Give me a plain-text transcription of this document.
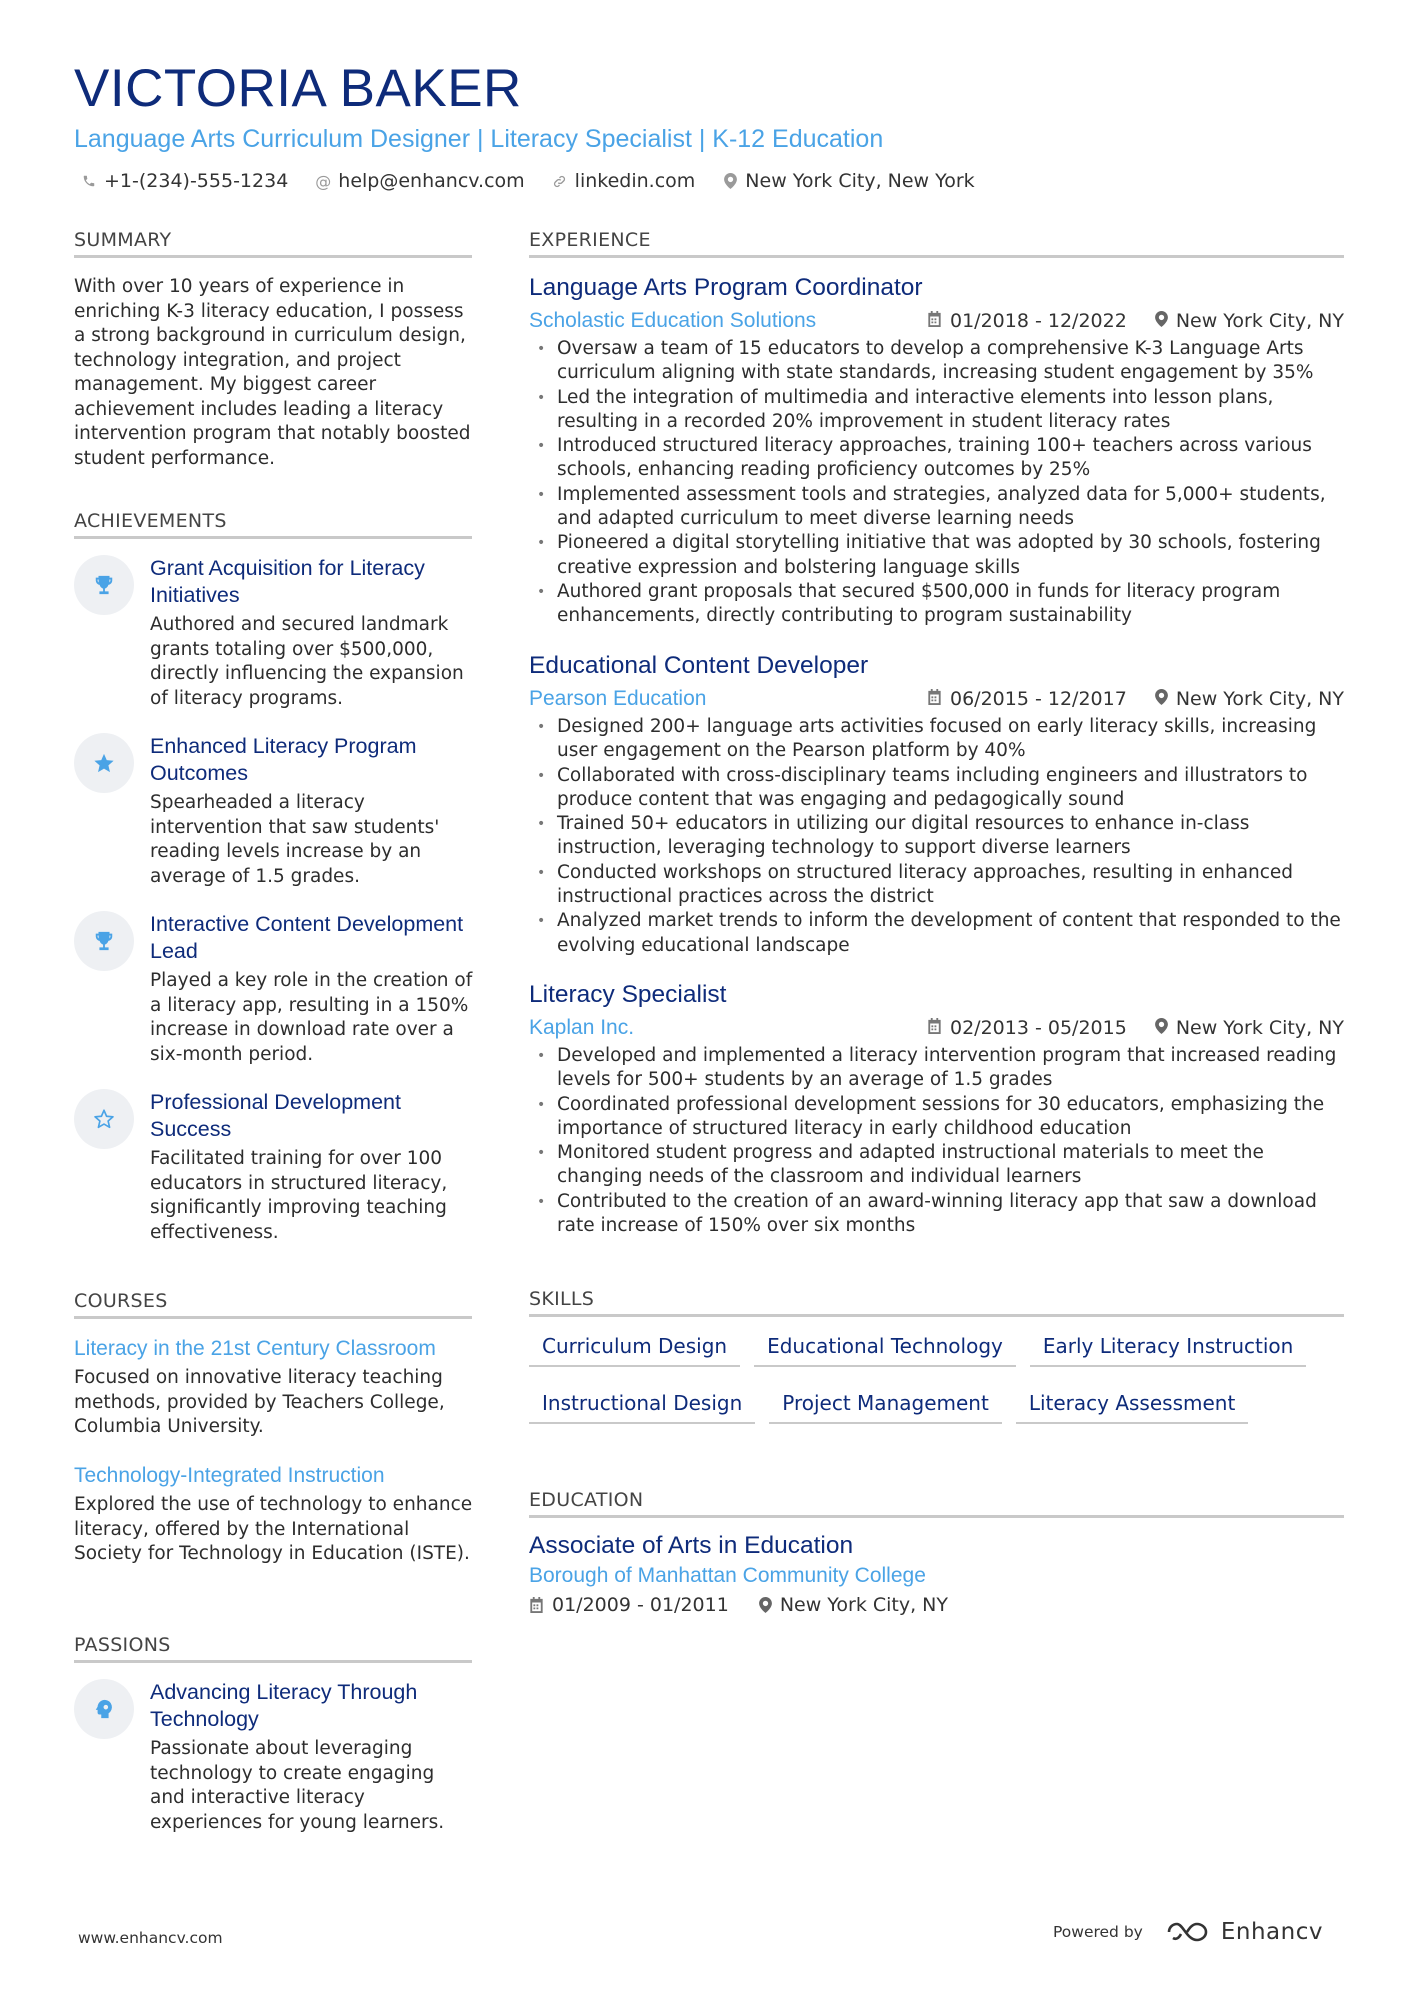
VICTORIA BAKER
Language Arts Curriculum Designer | Literacy Specialist | K-12 Education
+1-(234)-555-1234 @ help@enhancv.com	linkedin.com	New York City, New York
SUMMARY
With over 10 years of experience in enriching K-3 literacy education, I possess a strong background in curriculum design, technology integration, and project management. My biggest career achievement includes leading a literacy intervention program that notably boosted student performance.
ACHIEVEMENTS
Grant Acquisition for Literacy Initiatives
Authored and secured landmark grants totaling over $500,000, directly influencing the expansion of literacy programs.
Enhanced Literacy Program Outcomes
Spearheaded a literacy intervention that saw students' reading levels increase by an average of 1.5 grades.
Interactive Content Development Lead
Played a key role in the creation of a literacy app, resulting in a 150% increase in download rate over a six-month period.
Professional Development Success
Facilitated training for over 100 educators in structured literacy, significantly improving teaching effectiveness.
COURSES
Literacy in the 21st Century Classroom
Focused on innovative literacy teaching methods, provided by Teachers College, Columbia University.
Technology-Integrated Instruction
Explored the use of technology to enhance literacy, offered by the International Society for Technology in Education (ISTE).
PASSIONS
Advancing Literacy Through Technology
Passionate about leveraging technology to create engaging and interactive literacy experiences for young learners.
EXPERIENCE
Language Arts Program Coordinator
Scholastic Education Solutions	01/2018 - 12/2022	New York City, NY
• Oversaw a team of 15 educators to develop a comprehensive K-3 Language Arts curriculum aligning with state standards, increasing student engagement by 35%
• Led the integration of multimedia and interactive elements into lesson plans, resulting in a recorded 20% improvement in student literacy rates
• Introduced structured literacy approaches, training 100+ teachers across various schools, enhancing reading proficiency outcomes by 25%
• Implemented assessment tools and strategies, analyzed data for 5,000+ students, and adapted curriculum to meet diverse learning needs
• Pioneered a digital storytelling initiative that was adopted by 30 schools, fostering creative expression and bolstering language skills
• Authored grant proposals that secured $500,000 in funds for literacy program enhancements, directly contributing to program sustainability
Educational Content Developer
Pearson Education	06/2015 - 12/2017	New York City, NY
• Designed 200+ language arts activities focused on early literacy skills, increasing user engagement on the Pearson platform by 40%
• Collaborated with cross-disciplinary teams including engineers and illustrators to produce content that was engaging and pedagogically sound
• Trained 50+ educators in utilizing our digital resources to enhance in-class instruction, leveraging technology to support diverse learners
• Conducted workshops on structured literacy approaches, resulting in enhanced instructional practices across the district
• Analyzed market trends to inform the development of content that responded to the evolving educational landscape
Literacy Specialist
Kaplan Inc.	02/2013 - 05/2015	New York City, NY
• Developed and implemented a literacy intervention program that increased reading levels for 500+ students by an average of 1.5 grades
• Coordinated professional development sessions for 30 educators, emphasizing the importance of structured literacy in early childhood education
• Monitored student progress and adapted instructional materials to meet the changing needs of the classroom and individual learners
• Contributed to the creation of an award-winning literacy app that saw a download rate increase of 150% over six months
SKILLS
Curriculum Design	Educational Technology	Early Literacy Instruction
Instructional Design	Project Management	Literacy Assessment
EDUCATION
Associate of Arts in Education
Borough of Manhattan Community College
01/2009 - 01/2011	New York City, NY
www.enhancv.com	Powered by	Enhancv
